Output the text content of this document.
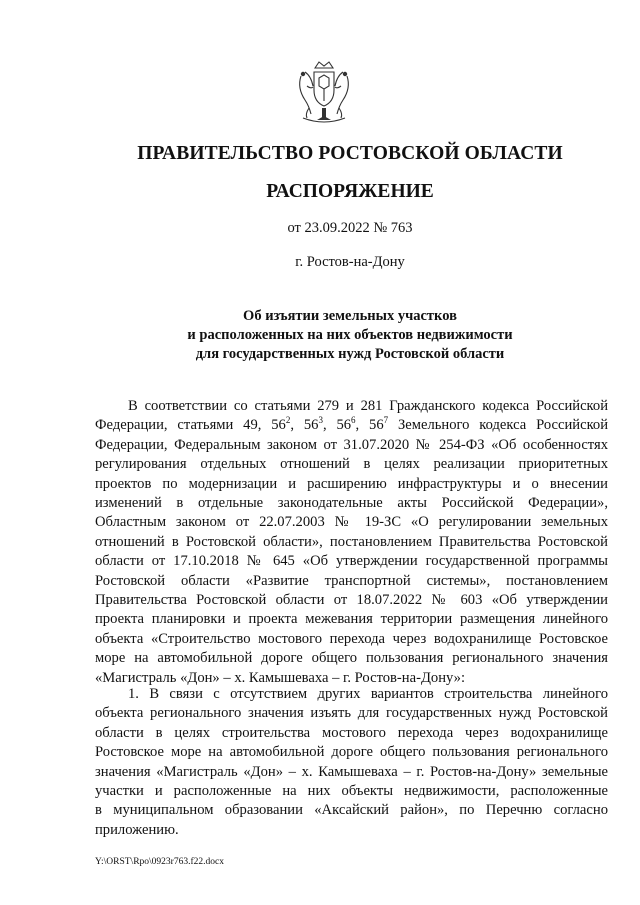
ПРАВИТЕЛЬСТВО РОСТОВСКОЙ ОБЛАСТИ
РАСПОРЯЖЕНИЕ
от 23.09.2022 № 763
г. Ростов-на-Дону
Об изъятии земельных участков
и расположенных на них объектов недвижимости
для государственных нужд Ростовской области
В соответствии со статьями 279 и 281 Гражданского кодекса Российской
Федерации, статьями 49, $56^2$, $56^3$, $56^6$, $56^7$ Земельного кодекса Российской
Федерации, Федеральным законом от 31.07.2020 № 254-ФЗ «Об особенностях
регулирования отдельных отношений в целях реализации приоритетных
проектов по модернизации и расширению инфраструктуры и о внесении
изменений в отдельные законодательные акты Российской Федерации»,
Областным законом от 22.07.2003 № 19-ЗС «О регулировании земельных
отношений в Ростовской области», постановлением Правительства Ростовской
области от 17.10.2018 № 645 «Об утверждении государственной программы
Ростовской области «Развитие транспортной системы», постановлением
Правительства Ростовской области от 18.07.2022 № 603 «Об утверждении
проекта планировки и проекта межевания территории размещения линейного
объекта «Строительство мостового перехода через водохранилище Ростовское
море на автомобильной дороге общего пользования регионального значения
«Магистраль «Дон» – х. Камышеваха – г. Ростов-на-Дону»:
1. В связи с отсутствием других вариантов строительства линейного
объекта регионального значения изъять для государственных нужд Ростовской
области в целях строительства мостового перехода через водохранилище
Ростовское море на автомобильной дороге общего пользования регионального
значения «Магистраль «Дон» – х. Камышеваха – г. Ростов-на-Дону» земельные
участки и расположенные на них объекты недвижимости, расположенные
в муниципальном образовании «Аксайский район», по Перечню согласно
приложению.
Y:\ORST\Rpo\0923r763.f22.docx
